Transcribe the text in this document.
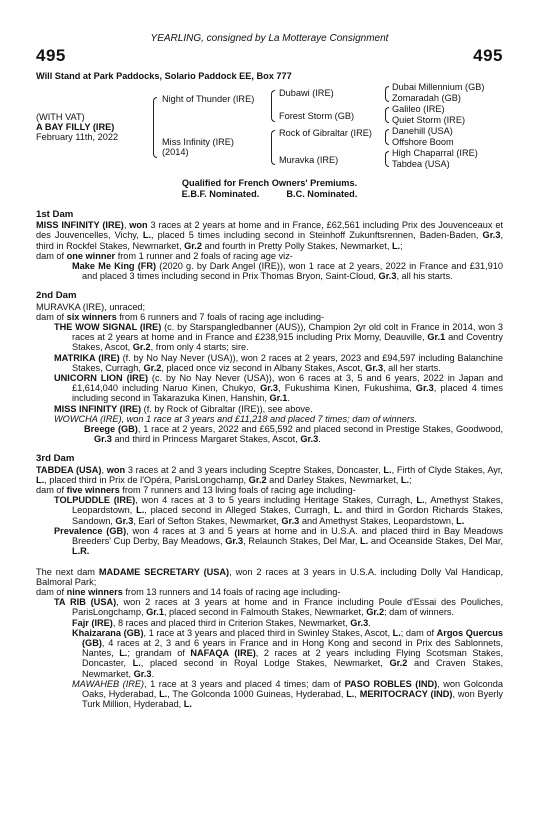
YEARLING, consigned by La Motteraye Consignment
495	495
Will Stand at Park Paddocks, Solario Paddock EE, Box 777
(WITH VAT)
A BAY FILLY (IRE)
February 11th, 2022
Night of Thunder (IRE)
Miss Infinity (IRE) (2014)
Dubawi (IRE)
Forest Storm (GB)
Rock of Gibraltar (IRE)
Muravka (IRE)
Dubai Millennium (GB)
Zomaradah (GB)
Galileo (IRE)
Quiet Storm (IRE)
Danehill (USA)
Offshore Boom
High Chaparral (IRE)
Tabdea (USA)
Qualified for French Owners' Premiums.
E.B.F. Nominated.	B.C. Nominated.

1st Dam

MISS INFINITY (IRE), won 3 races at 2 years at home and in France, £62,561 including Prix des Jouvenceaux et des Jouvencelles, Vichy, L., placed 5 times including second in Steinhoff Zukunftsrennen, Baden-Baden, Gr.3, third in Rockfel Stakes, Newmarket, Gr.2 and fourth in Pretty Polly Stakes, Newmarket, L.;

dam of one winner from 1 runner and 2 foals of racing age viz-

Make Me King (FR) (2020 g. by Dark Angel (IRE)), won 1 race at 2 years, 2022 in France and £31,910 and placed 3 times including second in Prix Thomas Bryon, Saint-Cloud, Gr.3, all his starts.

2nd Dam

MURAVKA (IRE), unraced;

dam of six winners from 6 runners and 7 foals of racing age including-

THE WOW SIGNAL (IRE) (c. by Starspangledbanner (AUS)), Champion 2yr old colt in France in 2014, won 3 races at 2 years at home and in France and £238,915 including Prix Morny, Deauville, Gr.1 and Coventry Stakes, Ascot, Gr.2, from only 4 starts; sire.

MATRIKA (IRE) (f. by No Nay Never (USA)), won 2 races at 2 years, 2023 and £94,597 including Balanchine Stakes, Curragh, Gr.2, placed once viz second in Albany Stakes, Ascot, Gr.3, all her starts.

UNICORN LION (IRE) (c. by No Nay Never (USA)), won 6 races at 3, 5 and 6 years, 2022 in Japan and £1,614,040 including Naruo Kinen, Chukyo, Gr.3, Fukushima Kinen, Fukushima, Gr.3, placed 4 times including second in Takarazuka Kinen, Hanshin, Gr.1.

MISS INFINITY (IRE) (f. by Rock of Gibraltar (IRE)), see above.

WOWCHA (IRE), won 1 race at 3 years and £11,218 and placed 7 times; dam of winners.

Breege (GB), 1 race at 2 years, 2022 and £65,592 and placed second in Prestige Stakes, Goodwood, Gr.3 and third in Princess Margaret Stakes, Ascot, Gr.3.

3rd Dam

TABDEA (USA), won 3 races at 2 and 3 years including Sceptre Stakes, Doncaster, L., Firth of Clyde Stakes, Ayr, L., placed third in Prix de l'Opéra, ParisLongchamp, Gr.2 and Darley Stakes, Newmarket, L.;

dam of five winners from 7 runners and 13 living foals of racing age including-

TOLPUDDLE (IRE), won 4 races at 3 to 5 years including Heritage Stakes, Curragh, L., Amethyst Stakes, Leopardstown, L., placed second in Alleged Stakes, Curragh, L. and third in Gordon Richards Stakes, Sandown, Gr.3, Earl of Sefton Stakes, Newmarket, Gr.3 and Amethyst Stakes, Leopardstown, L.

Prevalence (GB), won 4 races at 3 and 5 years at home and in U.S.A. and placed third in Bay Meadows Breeders' Cup Derby, Bay Meadows, Gr.3, Relaunch Stakes, Del Mar, L. and Oceanside Stakes, Del Mar, L.R.

The next dam MADAME SECRETARY (USA), won 2 races at 3 years in U.S.A. including Dolly Val Handicap, Balmoral Park;

dam of nine winners from 13 runners and 14 foals of racing age including-

TA RIB (USA), won 2 races at 3 years at home and in France including Poule d'Essai des Pouliches, ParisLongchamp, Gr.1, placed second in Falmouth Stakes, Newmarket, Gr.2; dam of winners.

Fajr (IRE), 8 races and placed third in Criterion Stakes, Newmarket, Gr.3.

Khaizarana (GB), 1 race at 3 years and placed third in Swinley Stakes, Ascot, L.; dam of Argos Quercus (GB), 4 races at 2, 3 and 6 years in France and in Hong Kong and second in Prix des Sablonnets, Nantes, L.; grandam of NAFAQA (IRE), 2 races at 2 years including Flying Scotsman Stakes, Doncaster, L., placed second in Royal Lodge Stakes, Newmarket, Gr.2 and Craven Stakes, Newmarket, Gr.3.

MAWAHEB (IRE), 1 race at 3 years and placed 4 times; dam of PASO ROBLES (IND), won Golconda Oaks, Hyderabad, L., The Golconda 1000 Guineas, Hyderabad, L., MERITOCRACY (IND), won Byerly Turk Million, Hyderabad, L.
